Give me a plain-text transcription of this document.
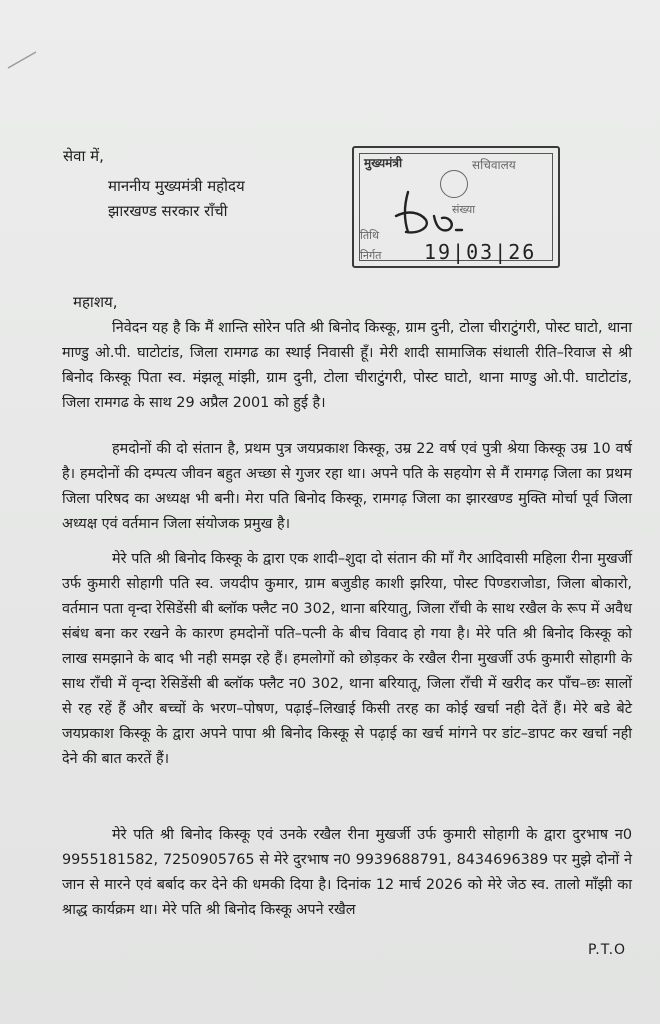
सेवा में,
माननीय मुख्यमंत्री महोदय
झारखण्ड सरकार राँची
मुख्यमंत्री	सचिवालय
संख्या
तिथि
निर्गत 19|03|26
महाशय,
निवेदन यह है कि मैं शान्ति सोरेन पति श्री बिनोद किस्कू, ग्राम दुनी, टोला चीराटुंगरी, पोस्ट घाटो, थाना माण्डु ओ.पी. घाटोटांड, जिला रामगढ का स्थाई निवासी हूँ। मेरी शादी सामाजिक संथाली रीति–रिवाज से श्री बिनोद किस्कू पिता स्व. मंझलू मांझी, ग्राम दुनी, टोला चीराटुंगरी, पोस्ट घाटो, थाना माण्डु ओ.पी. घाटोटांड, जिला रामगढ के साथ 29 अप्रैल 2001 को हुई है।
हमदोनों की दो संतान है, प्रथम पुत्र जयप्रकाश किस्कू, उम्र 22 वर्ष एवं पुत्री श्रेया किस्कू उम्र 10 वर्ष है। हमदोनों की दम्पत्य जीवन बहुत अच्छा से गुजर रहा था। अपने पति के सहयोग से मैं रामगढ़ जिला का प्रथम जिला परिषद का अध्यक्ष भी बनी। मेरा पति बिनोद किस्कू, रामगढ़ जिला का झारखण्ड मुक्ति मोर्चा पूर्व जिला अध्यक्ष एवं वर्तमान जिला संयोजक प्रमुख है।
मेरे पति श्री बिनोद किस्कू के द्वारा एक शादी–शुदा दो संतान की माँ गैर आदिवासी महिला रीना मुखर्जी उर्फ कुमारी सोहागी पति स्व. जयदीप कुमार, ग्राम बजुडीह काशी झरिया, पोस्ट पिण्डराजोडा, जिला बोकारो, वर्तमान पता वृन्दा रेसिडेंसी बी ब्लॉक फ्लैट न0 302, थाना बरियातु, जिला राँची के साथ रखैल के रूप में अवैध संबंध बना कर रखने के कारण हमदोनों पति–पत्नी के बीच विवाद हो गया है। मेरे पति श्री बिनोद किस्कू को लाख समझाने के बाद भी नही समझ रहे हैं। हमलोगों को छोड़कर के रखैल रीना मुखर्जी उर्फ कुमारी सोहागी के साथ राँची में वृन्दा रेसिडेंसी बी ब्लॉक फ्लैट न0 302, थाना बरियातू, जिला राँची में खरीद कर पाँच–छः सालों से रह रहें हैं और बच्चों के भरण–पोषण, पढ़ाई–लिखाई किसी तरह का कोई खर्चा नही देतें हैं। मेरे बडे बेटे जयप्रकाश किस्कू के द्वारा अपने पापा श्री बिनोद किस्कू से पढ़ाई का खर्च मांगने पर डांट–डापट कर खर्चा नही देने की बात करतें हैं।
मेरे पति श्री बिनोद किस्कू एवं उनके रखैल रीना मुखर्जी उर्फ कुमारी सोहागी के द्वारा दुरभाष न0 9955181582, 7250905765 से मेरे दुरभाष न0 9939688791, 8434696389 पर मुझे दोनों ने जान से मारने एवं बर्बाद कर देने की धमकी दिया है। दिनांक 12 मार्च 2026 को मेरे जेठ स्व. तालो माँझी का श्राद्ध कार्यक्रम था। मेरे पति श्री बिनोद किस्कू अपने रखैल
P.T.O
